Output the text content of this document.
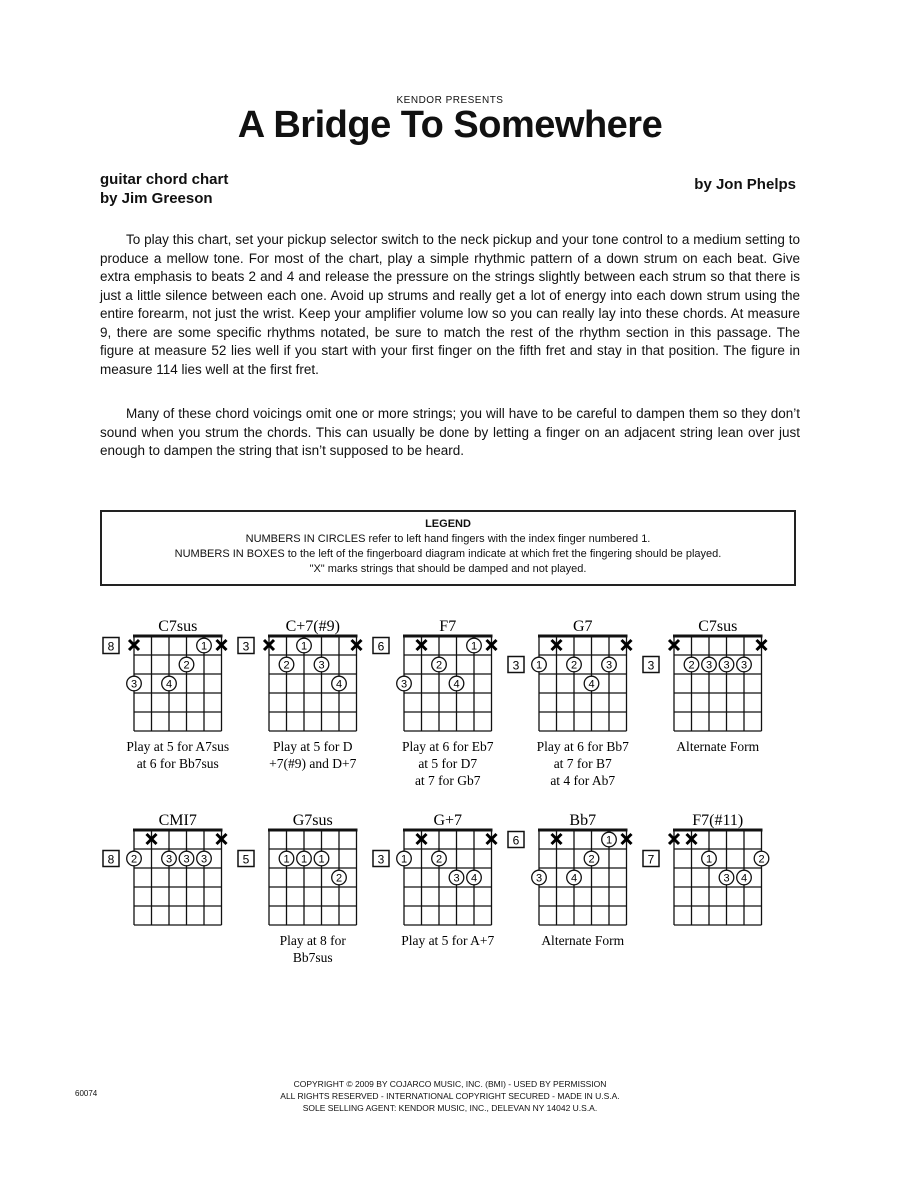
KENDOR PRESENTS
A Bridge To Somewhere
guitar chord chart
by Jim Greeson
by Jon Phelps

To play this chart, set your pickup selector switch to the neck pickup and your tone control to a medium setting to produce a mellow tone. For most of the chart, play a simple rhythmic pattern of a down strum on each beat. Give extra emphasis to beats 2 and 4 and release the pressure on the strings slightly between each strum so that there is just a little silence between each one. Avoid up strums and really get a lot of energy into each down strum using the entire forearm, not just the wrist. Keep your amplifier volume low so you can really lay into these chords. At measure 9, there are some specific rhythms notated, be sure to match the rest of the rhythm section in this passage. The figure at measure 52 lies well if you start with your first finger on the fifth fret and stay in that position. The figure in measure 114 lies well at the first fret.

Many of these chord voicings omit one or more strings; you will have to be careful to dampen them so they don’t sound when you strum the chords. This can usually be done by letting a finger on an adjacent string lean over just enough to dampen the string that isn’t supposed to be heard.

LEGEND
NUMBERS IN CIRCLES refer to left hand fingers with the index finger numbered 1.
NUMBERS IN BOXES to the left of the fingerboard diagram indicate at which fret the fingering should be played.
"X" marks strings that should be damped and not played.
C7sus
8	1
2
3	4
Play at 5 for A7sus
at 6 for Bb7sus
C+7(#9)
3	1
2	3
4
Play at 5 for D
+7(#9) and D+7
F7
6	1
2
3	4
Play at 6 for Eb7
at 5 for D7
at 7 for Gb7
G7
3 1	2	3
4
Play at 6 for Bb7
at 7 for B7
at 4 for Ab7
C7sus
3	2 3 3 3
Alternate Form
CMI7
8 2	3 3 3
G7sus
5	1 1 1
2
Play at 8 for
Bb7sus
G+7
3 1	2
3 4
Play at 5 for A+7
Bb7
6	1
2
3	4
Alternate Form
F7(#11)
7	1	2
3 4
COPYRIGHT © 2009 BY COJARCO MUSIC, INC. (BMI) - USED BY PERMISSION
ALL RIGHTS RESERVED - INTERNATIONAL COPYRIGHT SECURED - MADE IN U.S.A.
SOLE SELLING AGENT: KENDOR MUSIC, INC., DELEVAN NY 14042 U.S.A.
60074
